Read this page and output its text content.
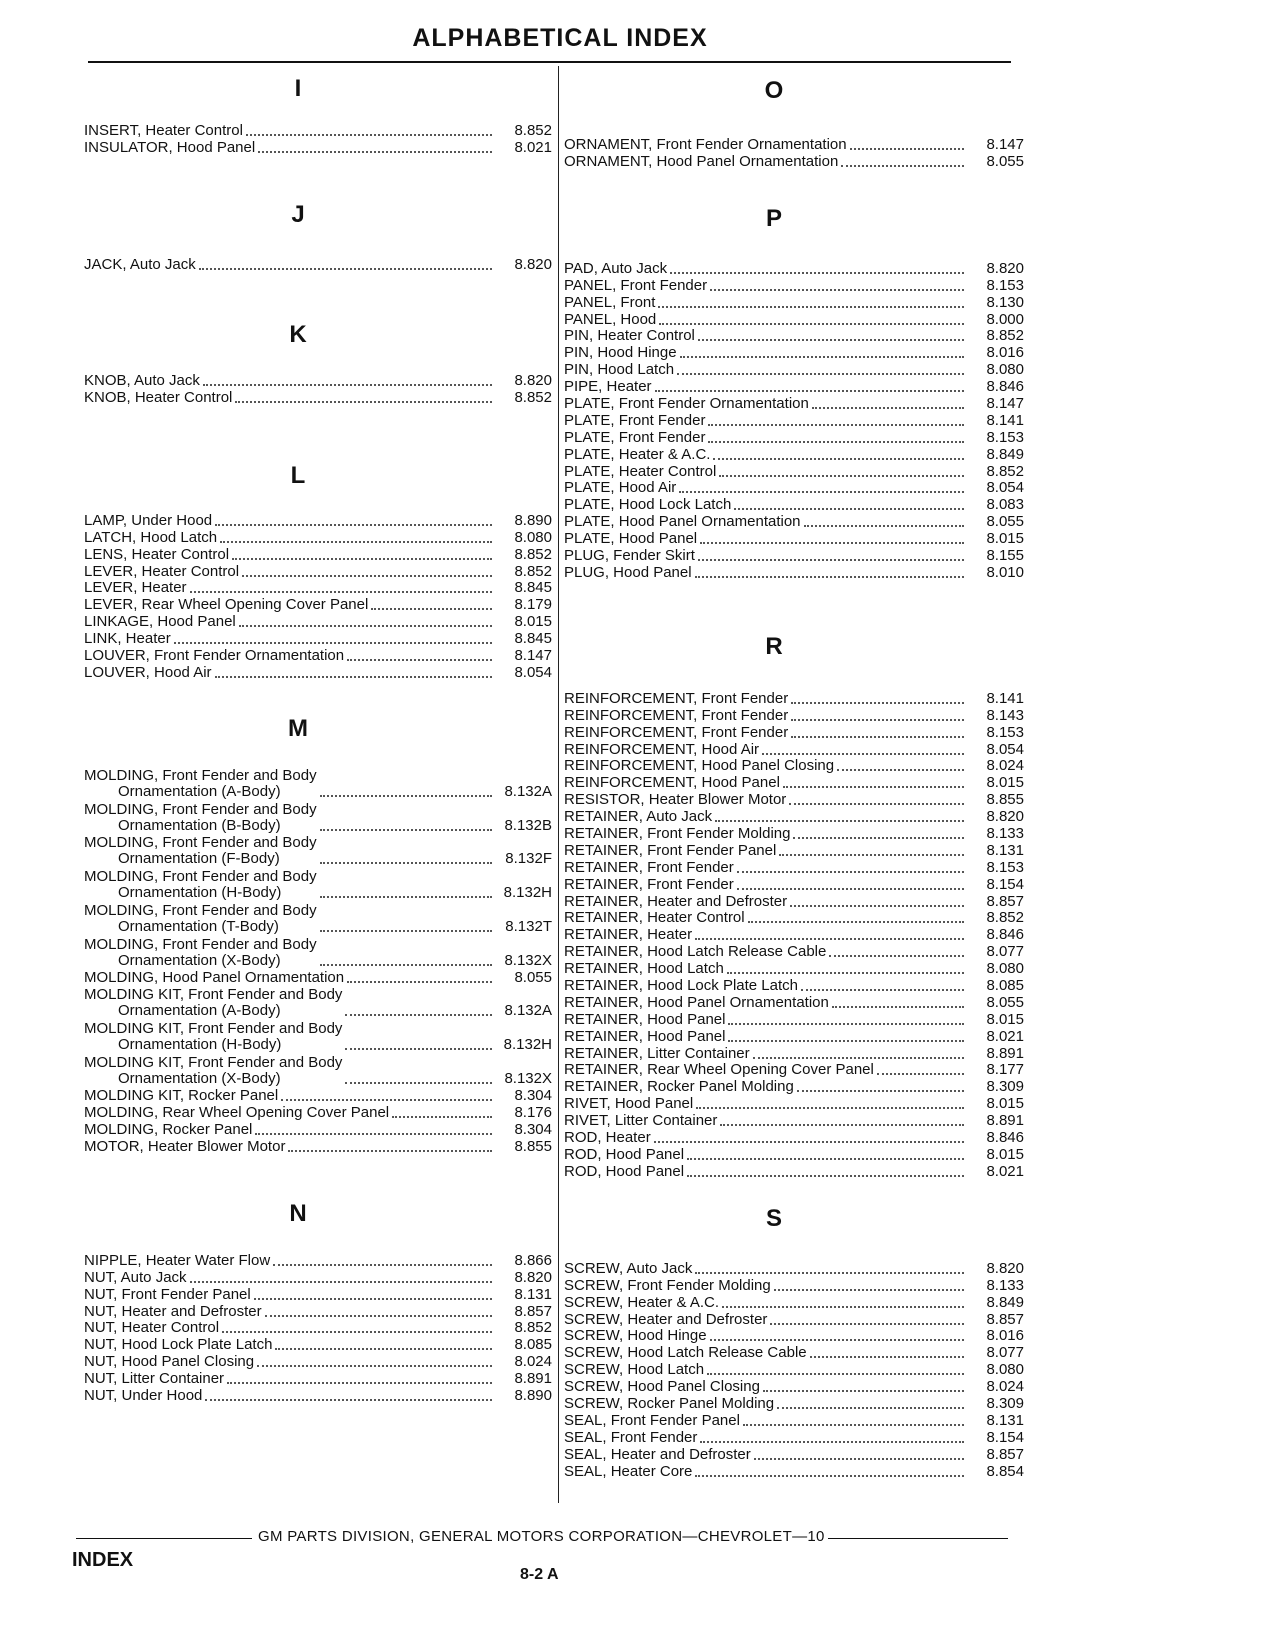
ALPHABETICAL INDEX
I
INSERT, Heater Control	8.852
INSULATOR, Hood Panel	8.021
J
JACK, Auto Jack	8.820
K
KNOB, Auto Jack	8.820
KNOB, Heater Control	8.852
L
LAMP, Under Hood	8.890
LATCH, Hood Latch	8.080
LENS, Heater Control	8.852
LEVER, Heater Control	8.852
LEVER, Heater	8.845
LEVER, Rear Wheel Opening Cover Panel	8.179
LINKAGE, Hood Panel	8.015
LINK, Heater	8.845
LOUVER, Front Fender Ornamentation	8.147
LOUVER, Hood Air	8.054
M
MOLDING, Front Fender and Body
Ornamentation (A-Body)	8.132A
MOLDING, Front Fender and Body
Ornamentation (B-Body)	8.132B
MOLDING, Front Fender and Body
Ornamentation (F-Body)	8.132F
MOLDING, Front Fender and Body
Ornamentation (H-Body)	8.132H
MOLDING, Front Fender and Body
Ornamentation (T-Body)	8.132T
MOLDING, Front Fender and Body
Ornamentation (X-Body)	8.132X
MOLDING, Hood Panel Ornamentation	8.055
MOLDING KIT, Front Fender and Body
Ornamentation (A-Body)	8.132A
MOLDING KIT, Front Fender and Body
Ornamentation (H-Body)	8.132H
MOLDING KIT, Front Fender and Body
Ornamentation (X-Body)	8.132X
MOLDING KIT, Rocker Panel	8.304
MOLDING, Rear Wheel Opening Cover Panel	8.176
MOLDING, Rocker Panel	8.304
MOTOR, Heater Blower Motor	8.855
N
NIPPLE, Heater Water Flow	8.866
NUT, Auto Jack	8.820
NUT, Front Fender Panel	8.131
NUT, Heater and Defroster	8.857
NUT, Heater Control	8.852
NUT, Hood Lock Plate Latch	8.085
NUT, Hood Panel Closing	8.024
NUT, Litter Container	8.891
NUT, Under Hood	8.890
O
ORNAMENT, Front Fender Ornamentation	8.147
ORNAMENT, Hood Panel Ornamentation	8.055
P
PAD, Auto Jack	8.820
PANEL, Front Fender	8.153
PANEL, Front	8.130
PANEL, Hood	8.000
PIN, Heater Control	8.852
PIN, Hood Hinge	8.016
PIN, Hood Latch	8.080
PIPE, Heater	8.846
PLATE, Front Fender Ornamentation	8.147
PLATE, Front Fender	8.141
PLATE, Front Fender	8.153
PLATE, Heater & A.C.	8.849
PLATE, Heater Control	8.852
PLATE, Hood Air	8.054
PLATE, Hood Lock Latch	8.083
PLATE, Hood Panel Ornamentation	8.055
PLATE, Hood Panel	8.015
PLUG, Fender Skirt	8.155
PLUG, Hood Panel	8.010
R
REINFORCEMENT, Front Fender	8.141
REINFORCEMENT, Front Fender	8.143
REINFORCEMENT, Front Fender	8.153
REINFORCEMENT, Hood Air	8.054
REINFORCEMENT, Hood Panel Closing	8.024
REINFORCEMENT, Hood Panel	8.015
RESISTOR, Heater Blower Motor	8.855
RETAINER, Auto Jack	8.820
RETAINER, Front Fender Molding	8.133
RETAINER, Front Fender Panel	8.131
RETAINER, Front Fender	8.153
RETAINER, Front Fender	8.154
RETAINER, Heater and Defroster	8.857
RETAINER, Heater Control	8.852
RETAINER, Heater	8.846
RETAINER, Hood Latch Release Cable	8.077
RETAINER, Hood Latch	8.080
RETAINER, Hood Lock Plate Latch	8.085
RETAINER, Hood Panel Ornamentation	8.055
RETAINER, Hood Panel	8.015
RETAINER, Hood Panel	8.021
RETAINER, Litter Container	8.891
RETAINER, Rear Wheel Opening Cover Panel	8.177
RETAINER, Rocker Panel Molding	8.309
RIVET, Hood Panel	8.015
RIVET, Litter Container	8.891
ROD, Heater	8.846
ROD, Hood Panel	8.015
ROD, Hood Panel	8.021
S
SCREW, Auto Jack	8.820
SCREW, Front Fender Molding	8.133
SCREW, Heater & A.C.	8.849
SCREW, Heater and Defroster	8.857
SCREW, Hood Hinge	8.016
SCREW, Hood Latch Release Cable	8.077
SCREW, Hood Latch	8.080
SCREW, Hood Panel Closing	8.024
SCREW, Rocker Panel Molding	8.309
SEAL, Front Fender Panel	8.131
SEAL, Front Fender	8.154
SEAL, Heater and Defroster	8.857
SEAL, Heater Core	8.854

GM PARTS DIVISION, GENERAL MOTORS CORPORATION—CHEVROLET—10

INDEX

8-2 A
